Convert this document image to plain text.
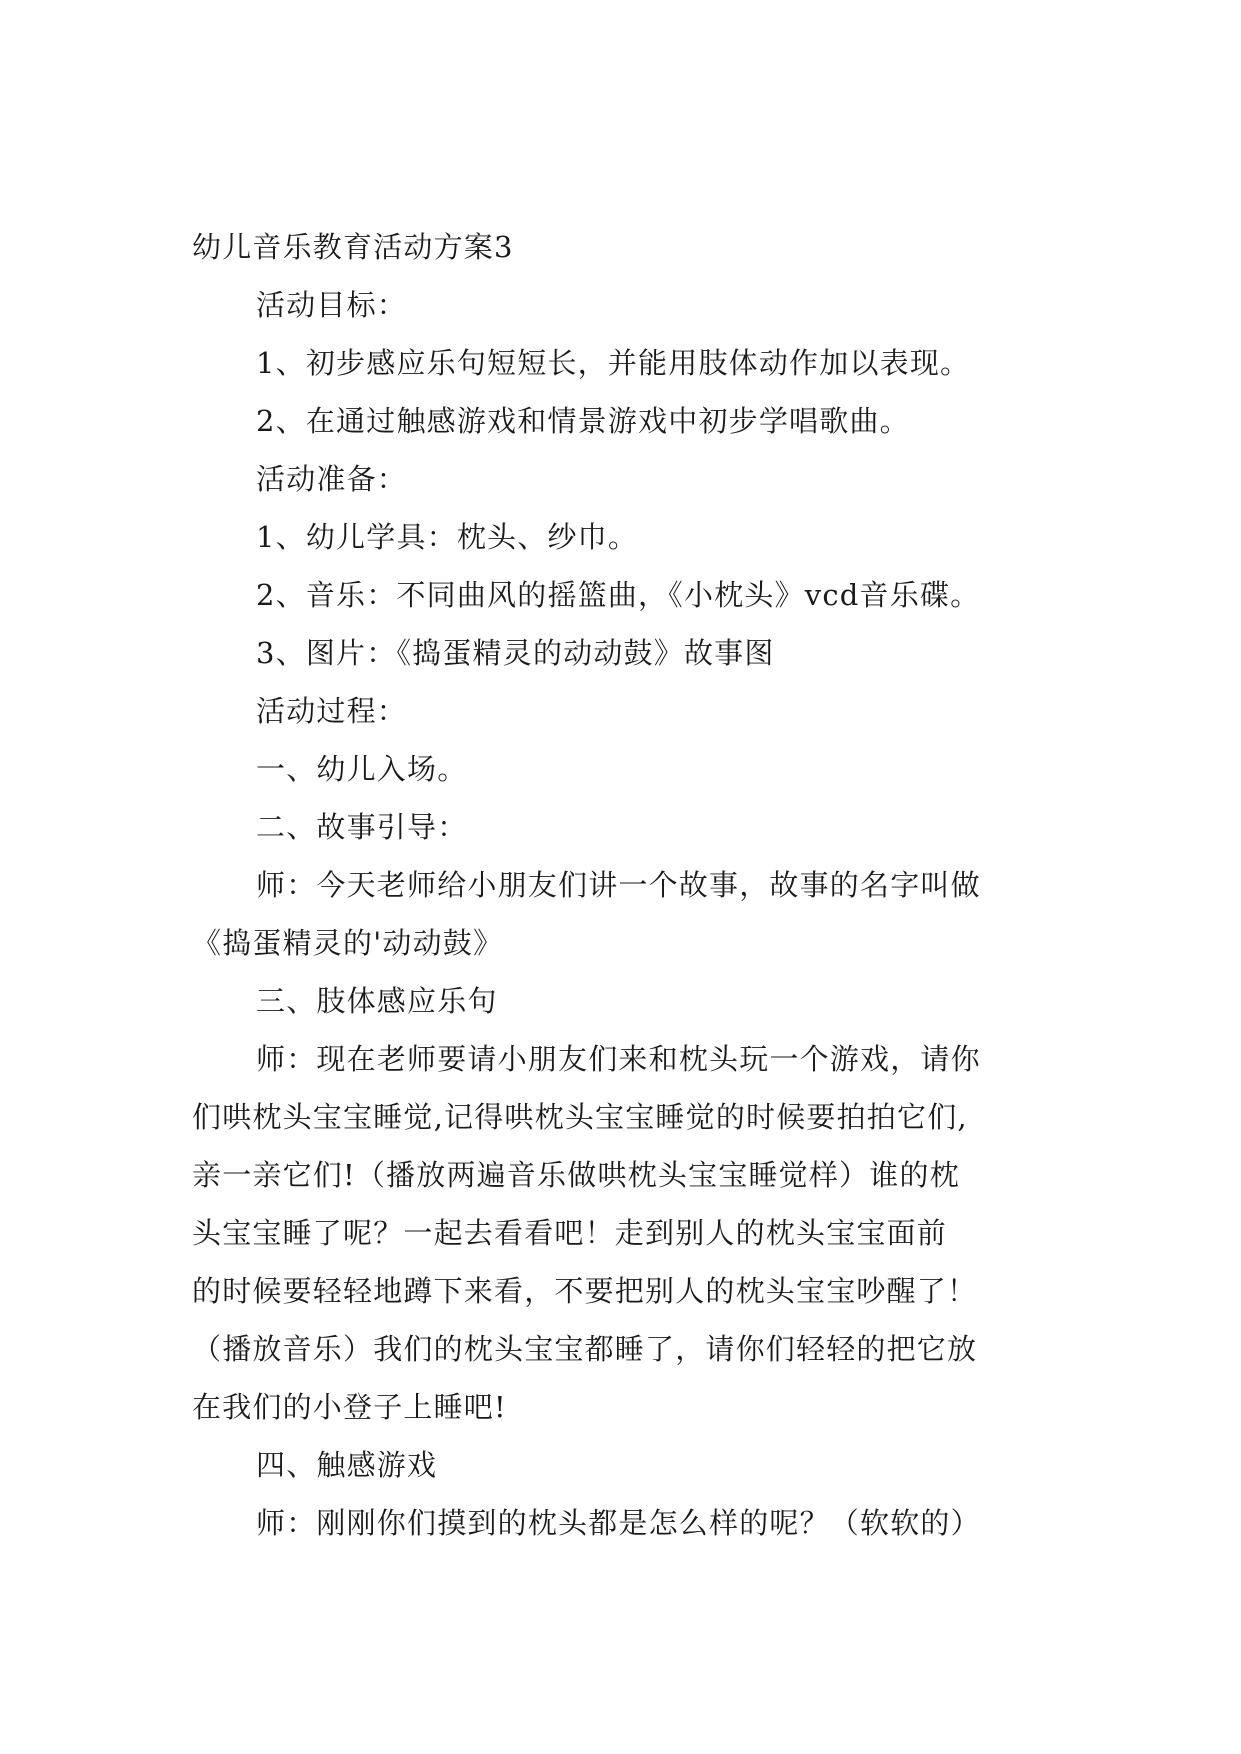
幼儿音乐教育活动方案3

活动目标：

1、初步感应乐句短短长，并能用肢体动作加以表现。

2、在通过触感游戏和情景游戏中初步学唱歌曲。

活动准备：

1、幼儿学具：枕头、纱巾。

2、音乐：不同曲风的摇篮曲，《小枕头》vcd音乐碟。

3、图片：《捣蛋精灵的动动鼓》故事图

活动过程：

一、幼儿入场。

二、故事引导：

师：今天老师给小朋友们讲一个故事，故事的名字叫做
《捣蛋精灵的'动动鼓》

三、肢体感应乐句

师：现在老师要请小朋友们来和枕头玩一个游戏，请你
们哄枕头宝宝睡觉,记得哄枕头宝宝睡觉的时候要拍拍它们,
亲一亲它们!（播放两遍音乐做哄枕头宝宝睡觉样）谁的枕
头宝宝睡了呢？一起去看看吧！走到别人的枕头宝宝面前
的时候要轻轻地蹲下来看，不要把别人的枕头宝宝吵醒了！
（播放音乐）我们的枕头宝宝都睡了，请你们轻轻的把它放
在我们的小登子上睡吧!

四、触感游戏

师：刚刚你们摸到的枕头都是怎么样的呢？（软软的）
